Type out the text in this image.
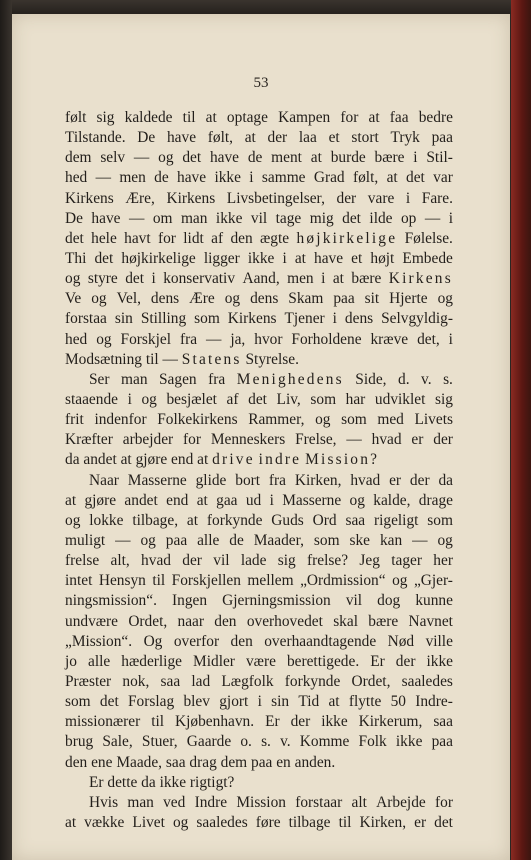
53
følt sig kaldede til at optage Kampen for at faa bedre
Tilstande. De have følt, at der laa et stort Tryk paa
dem selv — og det have de ment at burde bære i Stil-
hed — men de have ikke i samme Grad følt, at det var
Kirkens Ære, Kirkens Livsbetingelser, der vare i Fare.
De have — om man ikke vil tage mig det ilde op — i
det hele havt for lidt af den ægte højkirkelige Følelse.
Thi det højkirkelige ligger ikke i at have et højt Embede
og styre det i konservativ Aand, men i at bære Kirkens
Ve og Vel, dens Ære og dens Skam paa sit Hjerte og
forstaa sin Stilling som Kirkens Tjener i dens Selvgyldig-
hed og Forskjel fra — ja, hvor Forholdene kræve det, i
Modsætning
til
—
Statens
Styrelse.
Ser man Sagen fra Menighedens Side, d. v. s.
staaende i og besjælet af det Liv, som har udviklet sig
frit indenfor Folkekirkens Rammer, og som med Livets
Kræfter arbejder for Menneskers Frelse, — hvad er der
da
andet
at
gjøre
end
at
drive
indre
Mission?
Naar Masserne glide bort fra Kirken, hvad er der da
at gjøre andet end at gaa ud i Masserne og kalde, drage
og lokke tilbage, at forkynde Guds Ord saa rigeligt som
muligt — og paa alle de Maader, som ske kan — og
frelse alt, hvad der vil lade sig frelse? Jeg tager her
intet Hensyn til Forskjellen mellem „Ordmission“ og „Gjer-
ningsmission“. Ingen Gjerningsmission vil dog kunne
undvære Ordet, naar den overhovedet skal bære Navnet
„Mission“. Og overfor den overhaandtagende Nød ville
jo alle hæderlige Midler være berettigede. Er der ikke
Præster nok, saa lad Lægfolk forkynde Ordet, saaledes
som det Forslag blev gjort i sin Tid at flytte 50 Indre-
missionærer til Kjøbenhavn. Er der ikke Kirkerum, saa
brug Sale, Stuer, Gaarde o. s. v. Komme Folk ikke paa
den
ene
Maade,
saa
drag
dem
paa
en
anden.
Er
dette
da
ikke
rigtigt?
Hvis man ved Indre Mission forstaar alt Arbejde for
at vække Livet og saaledes føre tilbage til Kirken, er det
